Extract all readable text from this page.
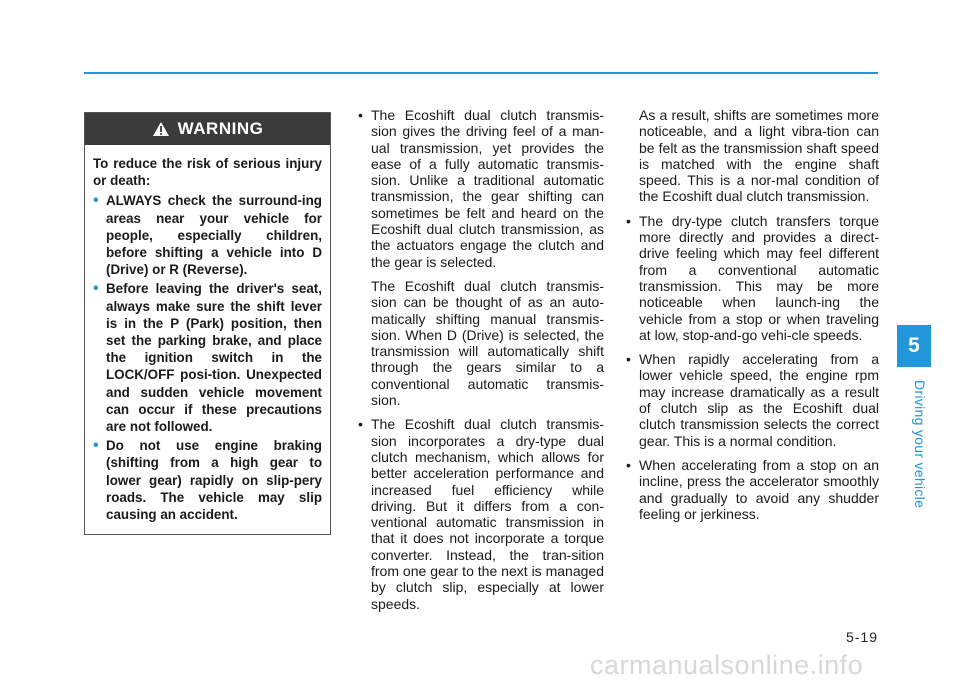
WARNING

To reduce the risk of serious injury or death:

• ALWAYS check the surround-ing areas near your vehicle for people, especially children, before shifting a vehicle into D (Drive) or R (Reverse).
• Before leaving the driver's seat, always make sure the shift lever is in the P (Park) position, then set the parking brake, and place the ignition switch in the LOCK/OFF posi-tion. Unexpected and sudden vehicle movement can occur if these precautions are not followed.
• Do not use engine braking (shifting from a high gear to lower gear) rapidly on slip-pery roads. The vehicle may slip causing an accident.

• The Ecoshift dual clutch transmis-sion gives the driving feel of a man-ual transmission, yet provides the ease of a fully automatic transmis-sion. Unlike a traditional automatic transmission, the gear shifting can sometimes be felt and heard on the Ecoshift dual clutch transmission, as the actuators engage the clutch and the gear is selected.

The Ecoshift dual clutch transmis-sion can be thought of as an auto-matically shifting manual transmis-sion. When D (Drive) is selected, the transmission will automatically shift through the gears similar to a conventional automatic transmis-sion.

• The Ecoshift dual clutch transmis-sion incorporates a dry-type dual clutch mechanism, which allows for better acceleration performance and increased fuel efficiency while driving. But it differs from a con-ventional automatic transmission in that it does not incorporate a torque converter. Instead, the tran-sition from one gear to the next is managed by clutch slip, especially at lower speeds.

As a result, shifts are sometimes more noticeable, and a light vibra-tion can be felt as the transmission shaft speed is matched with the engine shaft speed. This is a nor-mal condition of the Ecoshift dual clutch transmission.

• The dry-type clutch transfers torque more directly and provides a direct-drive feeling which may feel different from a conventional automatic transmission. This may be more noticeable when launch-ing the vehicle from a stop or when traveling at low, stop-and-go vehi-cle speeds.

• When rapidly accelerating from a lower vehicle speed, the engine rpm may increase dramatically as a result of clutch slip as the Ecoshift dual clutch transmission selects the correct gear. This is a normal condition.

• When accelerating from a stop on an incline, press the accelerator smoothly and gradually to avoid any shudder feeling or jerkiness.

5
Driving your vehicle
5-19
carmanualsonline.info
